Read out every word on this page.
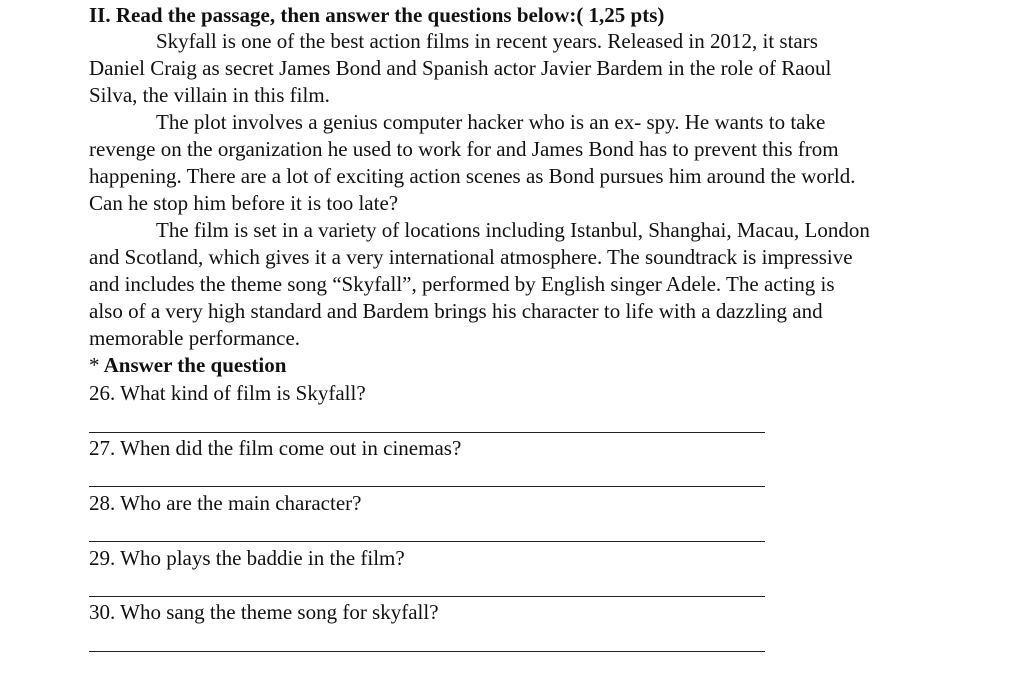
II. Read the passage, then answer the questions below:( 1,25 pts)
Skyfall is one of the best action films in recent years. Released in 2012, it stars
Daniel Craig as secret James Bond and Spanish actor Javier Bardem in the role of Raoul
Silva, the villain in this film.
The plot involves a genius computer hacker who is an ex- spy. He wants to take
revenge on the organization he used to work for and James Bond has to prevent this from
happening. There are a lot of exciting action scenes as Bond pursues him around the world.
Can he stop him before it is too late?
The film is set in a variety of locations including Istanbul, Shanghai, Macau, London
and Scotland, which gives it a very international atmosphere. The soundtrack is impressive
and includes the theme song “Skyfall”, performed by English singer Adele. The acting is
also of a very high standard and Bardem brings his character to life with a dazzling and
memorable performance.
* Answer the question
26. What kind of film is Skyfall?
27. When did the film come out in cinemas?
28. Who are the main character?
29. Who plays the baddie in the film?
30. Who sang the theme song for skyfall?
